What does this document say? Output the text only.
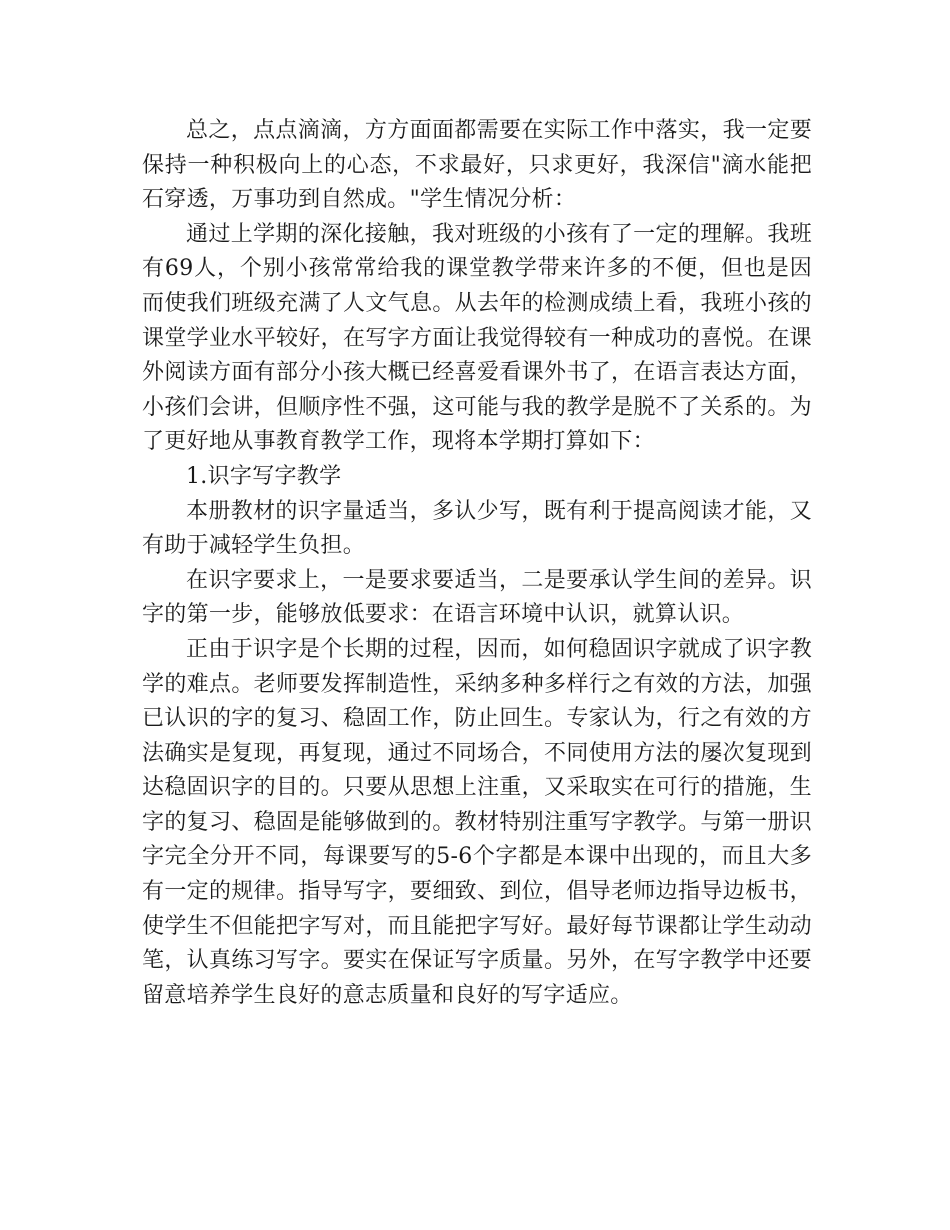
总之，点点滴滴，方方面面都需要在实际工作中落实，我一定要保持一种积极向上的心态，不求最好，只求更好，我深信"滴水能把石穿透，万事功到自然成。"学生情况分析：

通过上学期的深化接触，我对班级的小孩有了一定的理解。我班有69人，个别小孩常常给我的课堂教学带来许多的不便，但也是因而使我们班级充满了人文气息。从去年的检测成绩上看，我班小孩的课堂学业水平较好，在写字方面让我觉得较有一种成功的喜悦。在课外阅读方面有部分小孩大概已经喜爱看课外书了，在语言表达方面，小孩们会讲，但顺序性不强，这可能与我的教学是脱不了关系的。为了更好地从事教育教学工作，现将本学期打算如下：

1.识字写字教学

本册教材的识字量适当，多认少写，既有利于提高阅读才能，又有助于减轻学生负担。

在识字要求上，一是要求要适当，二是要承认学生间的差异。识字的第一步，能够放低要求：在语言环境中认识，就算认识。

正由于识字是个长期的过程，因而，如何稳固识字就成了识字教学的难点。老师要发挥制造性，采纳多种多样行之有效的方法，加强已认识的字的复习、稳固工作，防止回生。专家认为，行之有效的方法确实是复现，再复现，通过不同场合，不同使用方法的屡次复现到达稳固识字的目的。只要从思想上注重，又采取实在可行的措施，生字的复习、稳固是能够做到的。教材特别注重写字教学。与第一册识字完全分开不同，每课要写的5-6个字都是本课中出现的，而且大多有一定的规律。指导写字，要细致、到位，倡导老师边指导边板书，使学生不但能把字写对，而且能把字写好。最好每节课都让学生动动笔，认真练习写字。要实在保证写字质量。另外，在写字教学中还要留意培养学生良好的意志质量和良好的写字适应。
